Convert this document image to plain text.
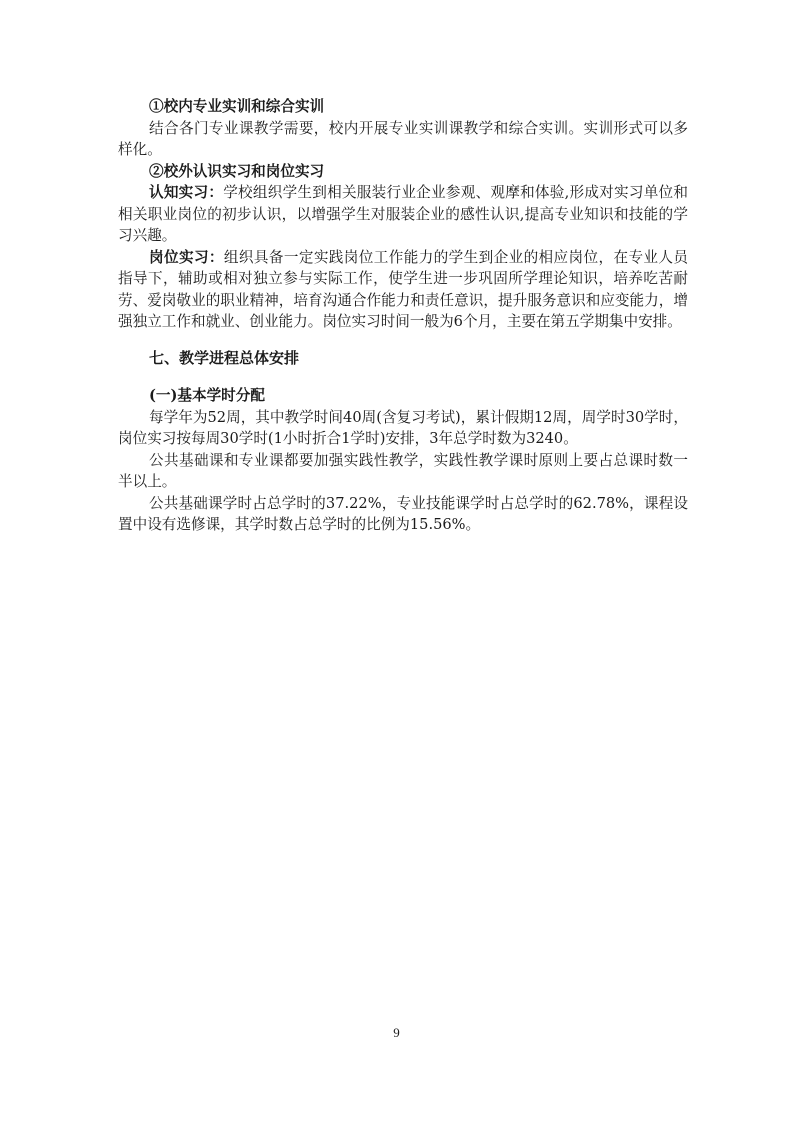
①校内专业实训和综合实训

结合各门专业课教学需要，校内开展专业实训课教学和综合实训。实训形式可以多样化。

②校外认识实习和岗位实习

认知实习：学校组织学生到相关服装行业企业参观、观摩和体验,形成对实习单位和相关职业岗位的初步认识，以增强学生对服装企业的感性认识,提高专业知识和技能的学习兴趣。

岗位实习：组织具备一定实践岗位工作能力的学生到企业的相应岗位，在专业人员指导下，辅助或相对独立参与实际工作，使学生进一步巩固所学理论知识，培养吃苦耐劳、爱岗敬业的职业精神，培育沟通合作能力和责任意识，提升服务意识和应变能力，增强独立工作和就业、创业能力。岗位实习时间一般为6个月，主要在第五学期集中安排。

七、教学进程总体安排

(一)基本学时分配

每学年为52周，其中教学时间40周(含复习考试)，累计假期12周，周学时30学时，岗位实习按每周30学时(1小时折合1学时)安排，3年总学时数为3240。

公共基础课和专业课都要加强实践性教学，实践性教学课时原则上要占总课时数一半以上。

公共基础课学时占总学时的37.22%，专业技能课学时占总学时的62.78%，课程设置中设有选修课，其学时数占总学时的比例为15.56%。

9
